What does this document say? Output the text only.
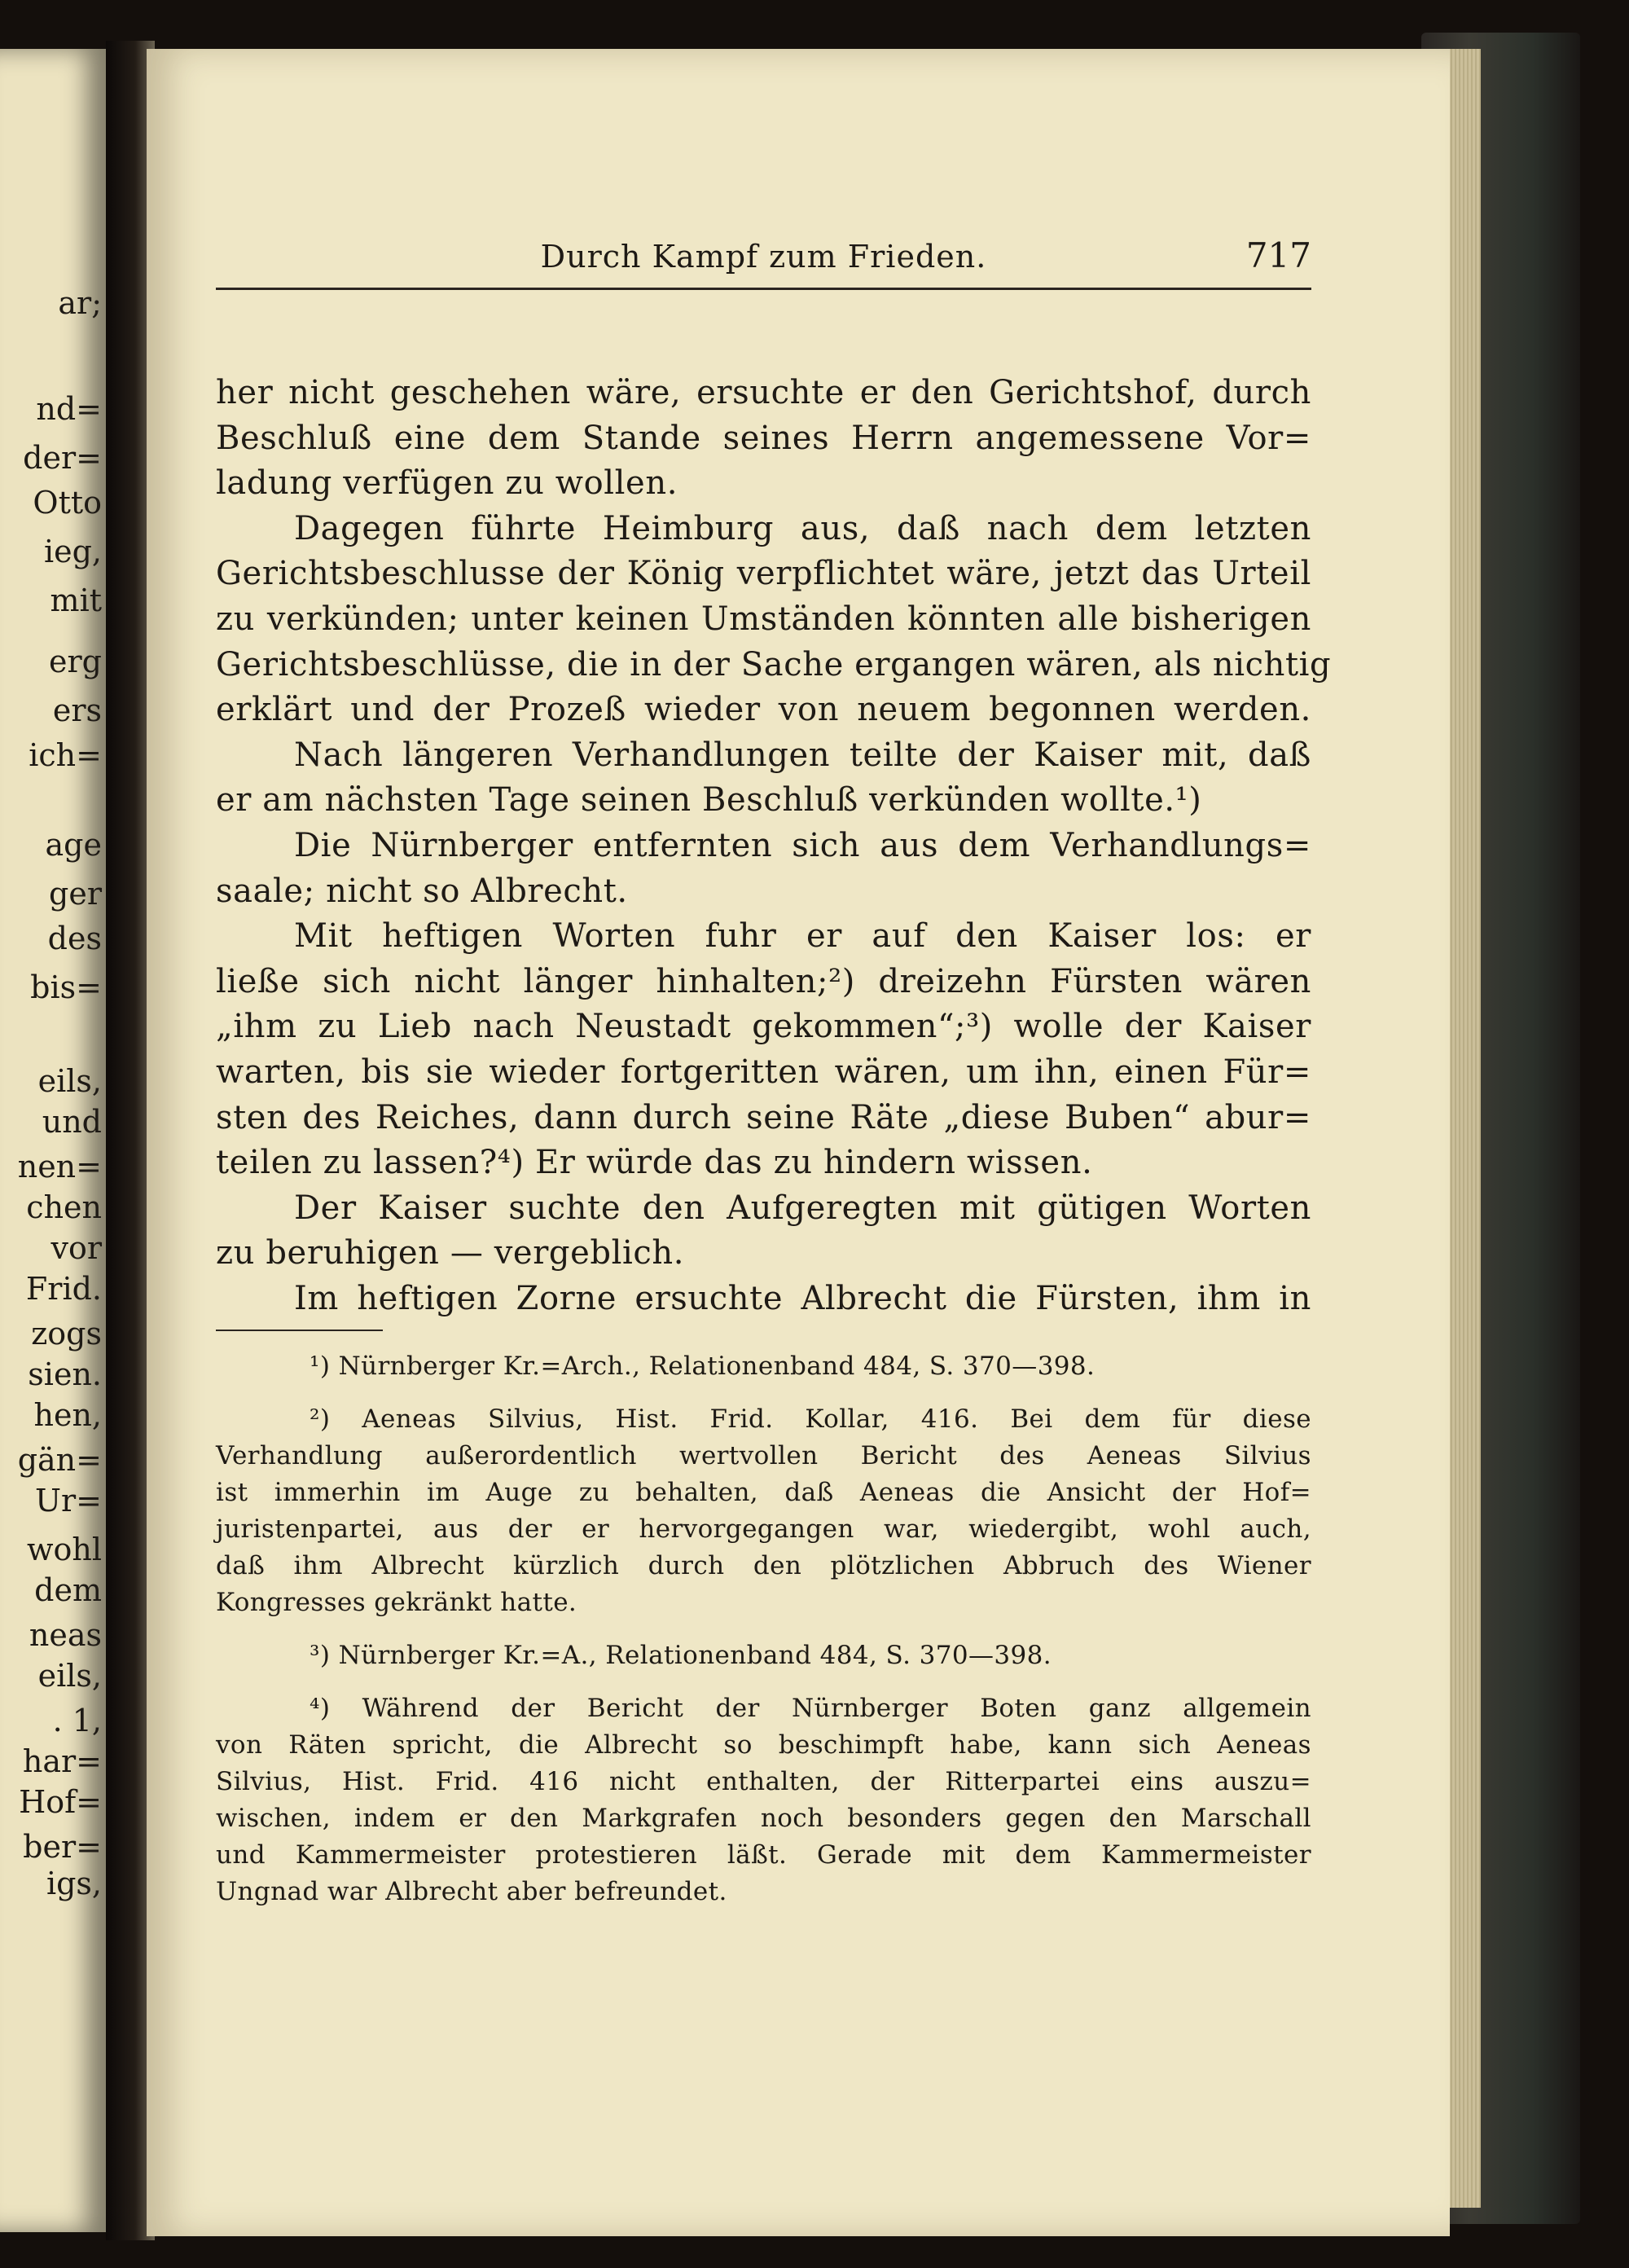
ar;
nd=
der=
Otto
ieg,
mit
erg
ers
ich=
age
ger
des
bis=
eils,
und
nen=
chen
vor
Frid.
zogs
sien.
hen,
gän=
Ur=
wohl
dem
neas
eils,
. 1,
har=
Hof=
ber=
igs,
Durch Kampf zum Frieden.	717
her nicht geschehen wäre, ersuchte er den Gerichtshof, durch
Beschluß eine dem Stande seines Herrn angemessene Vor=
ladung verfügen zu wollen.
Dagegen führte Heimburg aus, daß nach dem letzten
Gerichtsbeschlusse der König verpflichtet wäre, jetzt das Urteil
zu verkünden; unter keinen Umständen könnten alle bisherigen
Gerichtsbeschlüsse, die in der Sache ergangen wären, als nichtig
erklärt und der Prozeß wieder von neuem begonnen werden.
Nach längeren Verhandlungen teilte der Kaiser mit, daß
er am nächsten Tage seinen Beschluß verkünden wollte.¹)
Die Nürnberger entfernten sich aus dem Verhandlungs=
saale; nicht so Albrecht.
Mit heftigen Worten fuhr er auf den Kaiser los: er
ließe sich nicht länger hinhalten;²) dreizehn Fürsten wären
„ihm zu Lieb nach Neustadt gekommen“;³) wolle der Kaiser
warten, bis sie wieder fortgeritten wären, um ihn, einen Für=
sten des Reiches, dann durch seine Räte „diese Buben“ abur=
teilen zu lassen?⁴) Er würde das zu hindern wissen.
Der Kaiser suchte den Aufgeregten mit gütigen Worten
zu beruhigen — vergeblich.
Im heftigen Zorne ersuchte Albrecht die Fürsten, ihm in
¹) Nürnberger Kr.=Arch., Relationenband 484, S. 370—398.
²) Aeneas Silvius, Hist. Frid. Kollar, 416. Bei dem für diese
Verhandlung außerordentlich wertvollen Bericht des Aeneas Silvius
ist immerhin im Auge zu behalten, daß Aeneas die Ansicht der Hof=
juristenpartei, aus der er hervorgegangen war, wiedergibt, wohl auch,
daß ihm Albrecht kürzlich durch den plötzlichen Abbruch des Wiener
Kongresses gekränkt hatte.
³) Nürnberger Kr.=A., Relationenband 484, S. 370—398.
⁴) Während der Bericht der Nürnberger Boten ganz allgemein
von Räten spricht, die Albrecht so beschimpft habe, kann sich Aeneas
Silvius, Hist. Frid. 416 nicht enthalten, der Ritterpartei eins auszu=
wischen, indem er den Markgrafen noch besonders gegen den Marschall
und Kammermeister protestieren läßt. Gerade mit dem Kammermeister
Ungnad war Albrecht aber befreundet.
